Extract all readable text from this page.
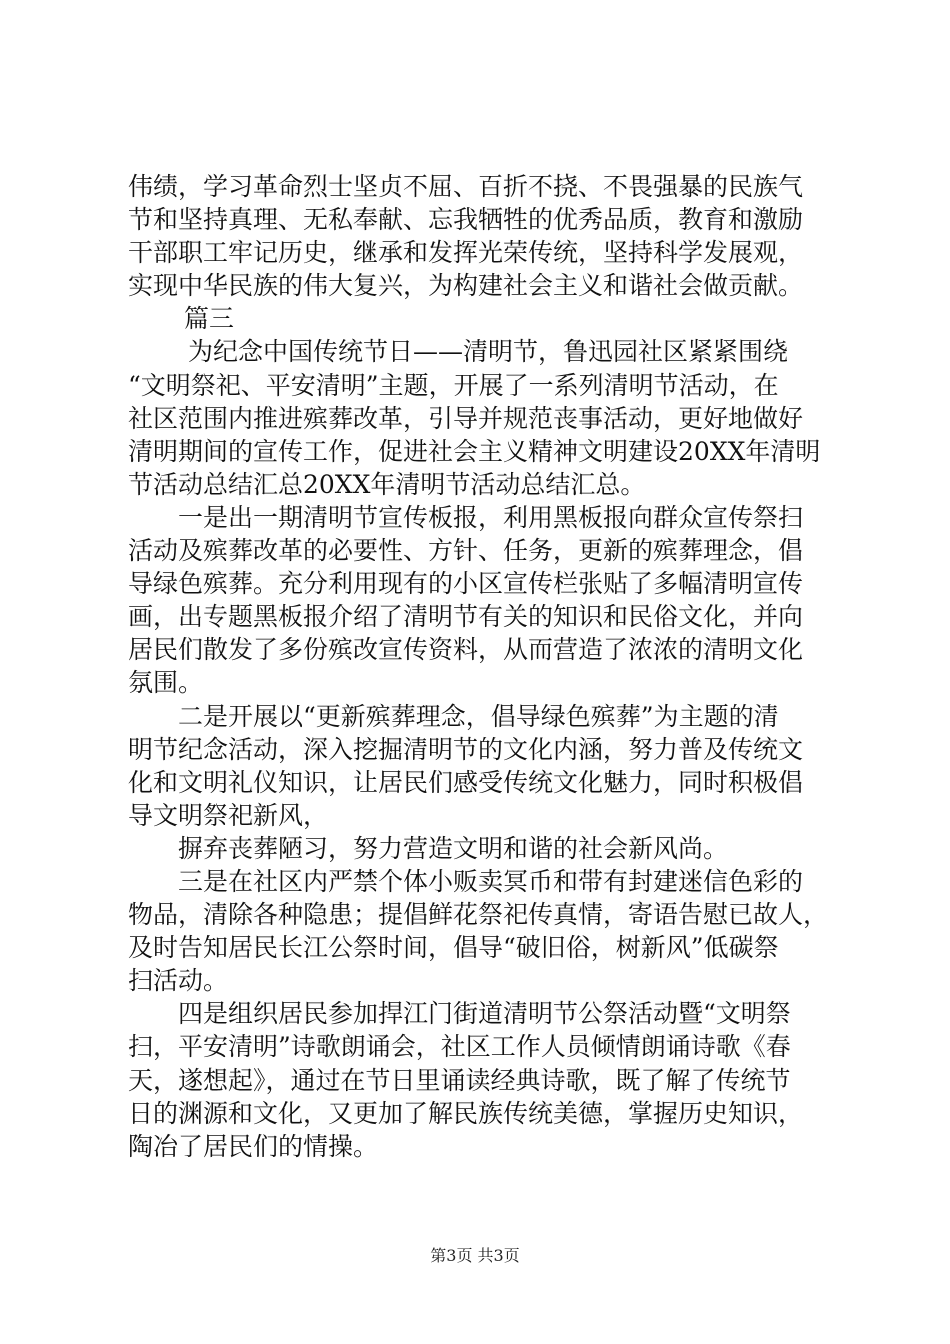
伟绩，学习革命烈士坚贞不屈、百折不挠、不畏强暴的民族气
节和坚持真理、无私奉献、忘我牺牲的优秀品质，教育和激励
干部职工牢记历史，继承和发挥光荣传统，坚持科学发展观，
实现中华民族的伟大复兴，为构建社会主义和谐社会做贡献。
篇三
为纪念中国传统节日——清明节，鲁迅园社区紧紧围绕
“文明祭祀、平安清明”主题，开展了一系列清明节活动，在
社区范围内推进殡葬改革，引导并规范丧事活动，更好地做好
清明期间的宣传工作，促进社会主义精神文明建设20XX年清明
节活动总结汇总20XX年清明节活动总结汇总。
一是出一期清明节宣传板报，利用黑板报向群众宣传祭扫
活动及殡葬改革的必要性、方针、任务，更新的殡葬理念，倡
导绿色殡葬。充分利用现有的小区宣传栏张贴了多幅清明宣传
画，出专题黑板报介绍了清明节有关的知识和民俗文化，并向
居民们散发了多份殡改宣传资料，从而营造了浓浓的清明文化
氛围。
二是开展以“更新殡葬理念，倡导绿色殡葬”为主题的清
明节纪念活动，深入挖掘清明节的文化内涵，努力普及传统文
化和文明礼仪知识，让居民们感受传统文化魅力，同时积极倡
导文明祭祀新风，
摒弃丧葬陋习，努力营造文明和谐的社会新风尚。
三是在社区内严禁个体小贩卖冥币和带有封建迷信色彩的
物品，清除各种隐患；提倡鲜花祭祀传真情，寄语告慰已故人，
及时告知居民长江公祭时间，倡导“破旧俗，树新风”低碳祭
扫活动。
四是组织居民参加捍江门街道清明节公祭活动暨“文明祭
扫，平安清明”诗歌朗诵会，社区工作人员倾情朗诵诗歌《春
天，遂想起》，通过在节日里诵读经典诗歌，既了解了传统节
日的渊源和文化，又更加了解民族传统美德，掌握历史知识，
陶冶了居民们的情操。
第3页 共3页
